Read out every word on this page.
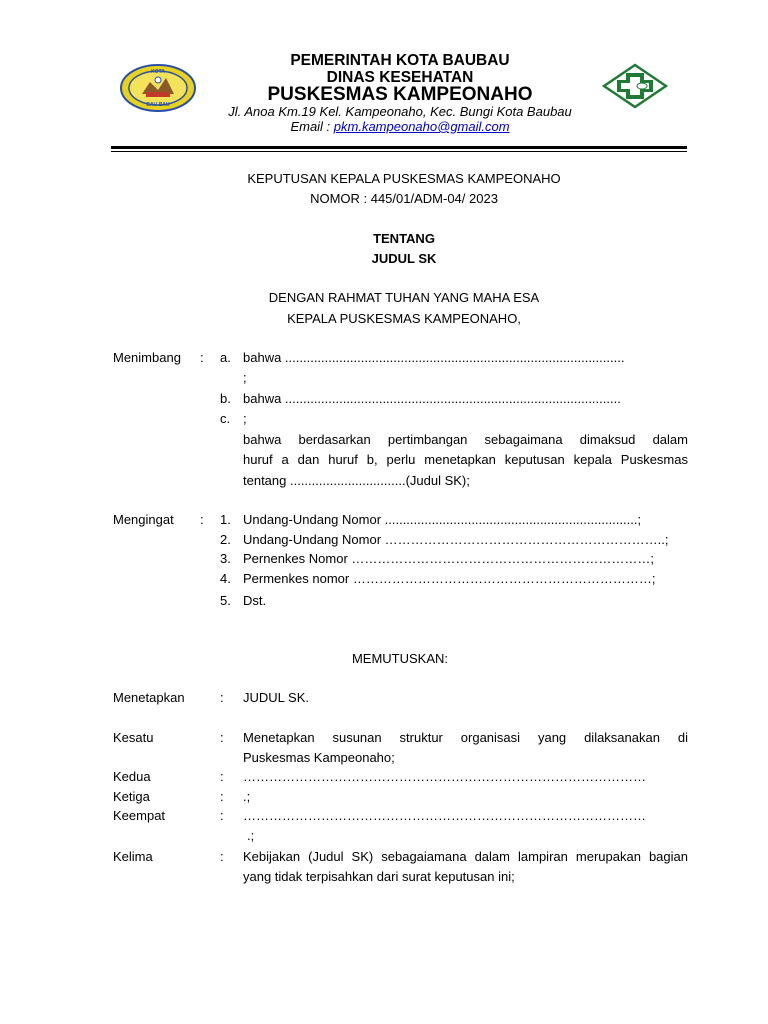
KOTA
BAU-BAU
PEMERINTAH KOTA BAUBAU
DINAS KESEHATAN
PUSKESMAS KAMPEONAHO
Jl. Anoa Km.19 Kel. Kampeonaho, Kec. Bungi Kota Baubau
Email : pkm.kampeonaho@gmail.com
KEPUTUSAN KEPALA PUSKESMAS KAMPEONAHO
NOMOR : 445/01/ADM-04/ 2023
TENTANG
JUDUL SK
DENGAN RAHMAT TUHAN YANG MAHA ESA
KEPALA PUSKESMAS KAMPEONAHO,
Menimbang : a. bahwa ..............................................................................................
;
b. bahwa .............................................................................................
c. ;
bahwa berdasarkan pertimbangan sebagaimana dimaksud dalam
huruf a dan huruf b, perlu menetapkan keputusan kepala Puskesmas
tentang ................................(Judul SK);
Mengingat : 1. Undang-Undang Nomor ......................................................................;
2. Undang-Undang Nomor ………………………………………………………..;
3. Pernenkes Nomor ……………………………………………………………;
4. Permenkes nomor ……………………………………………………………;
5. Dst.
MEMUTUSKAN:
Menetapkan	: JUDUL SK.
Kesatu	: Menetapkan susunan struktur organisasi yang dilaksanakan di
Puskesmas Kampeonaho;
Kedua	: …………………………………………………………………………………
Ketiga	: .;
Keempat	: …………………………………………………………………………………
.;
Kelima	: Kebijakan (Judul SK) sebagaiamana dalam lampiran merupakan bagian
yang tidak terpisahkan dari surat keputusan ini;
